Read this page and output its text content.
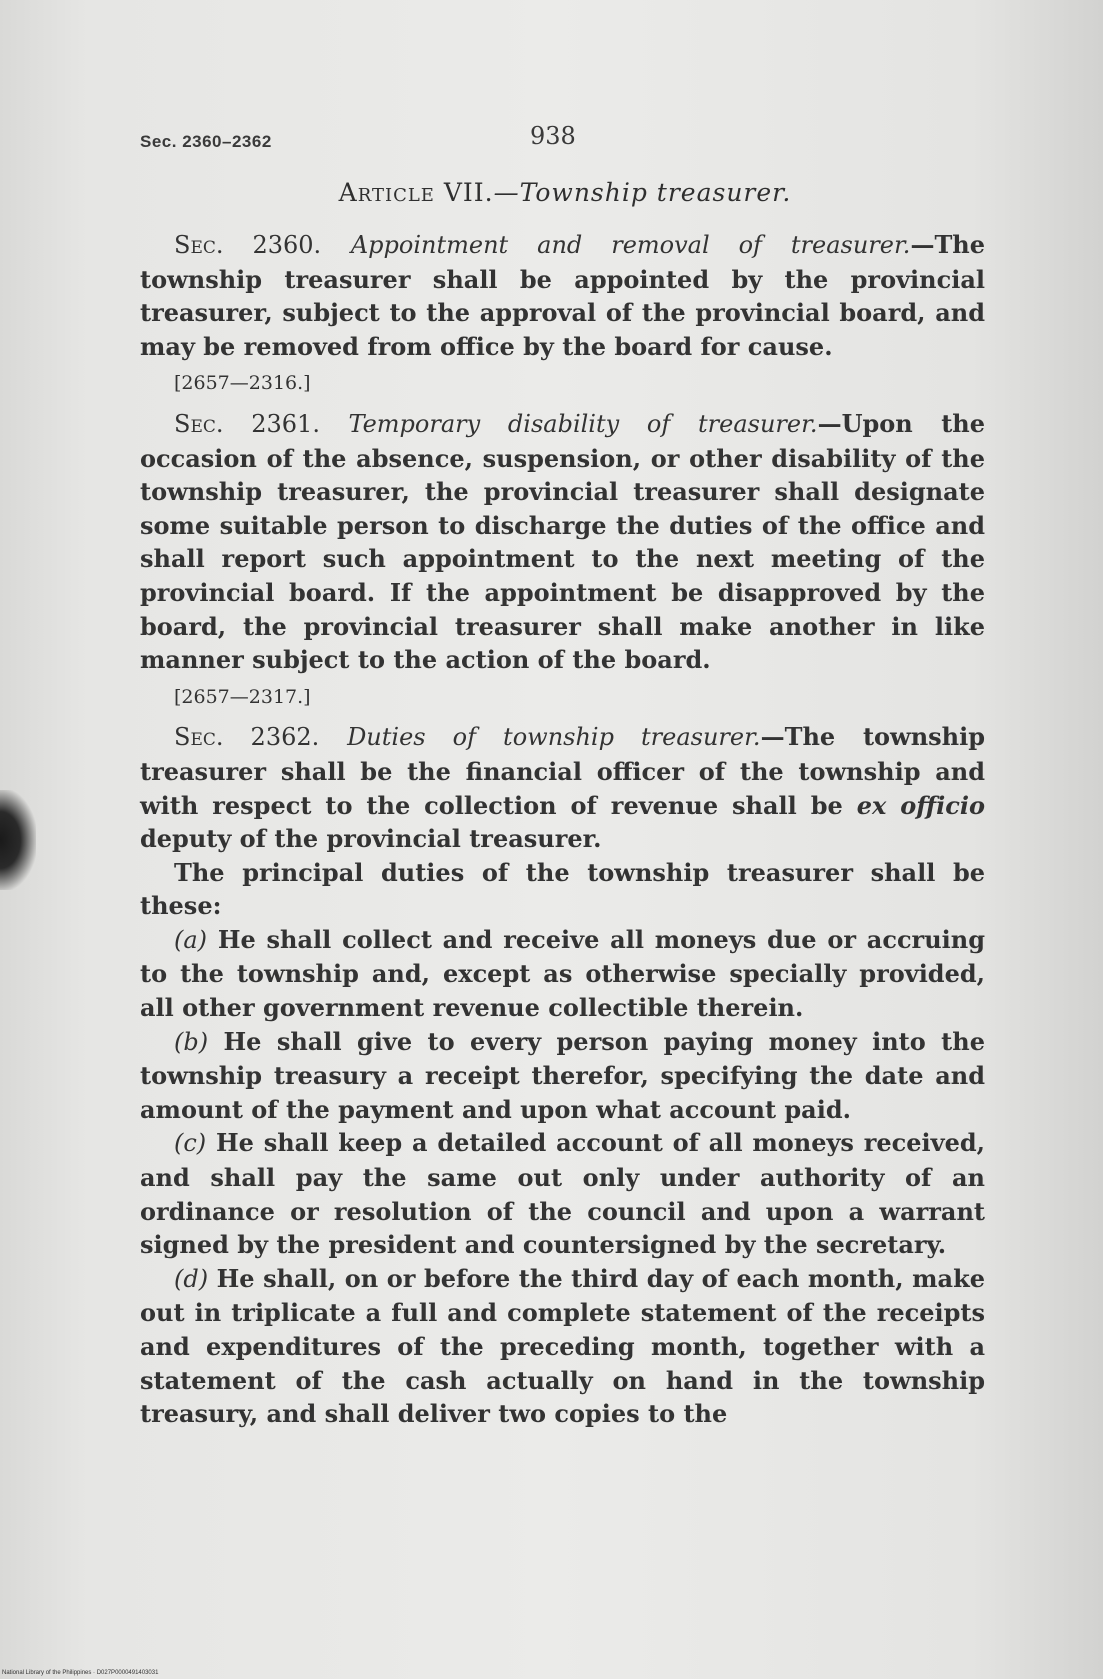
Sec. 2360–2362	938
Article VII.—Township treasurer.

Sec. 2360. Appointment and removal of treasurer.—The township treasurer shall be appointed by the provincial treasurer, subject to the approval of the provincial board, and may be removed from office by the board for cause.

[2657—2316.]

Sec. 2361. Temporary disability of treasurer.—Upon the occasion of the absence, suspension, or other disability of the township treasurer, the provincial treasurer shall designate some suitable person to discharge the duties of the office and shall report such appointment to the next meeting of the provincial board. If the appointment be disapproved by the board, the provincial treasurer shall make another in like manner subject to the action of the board.

[2657—2317.]

Sec. 2362. Duties of township treasurer.—The township treasurer shall be the financial officer of the township and with respect to the collection of revenue shall be ex officio deputy of the provincial treasurer.

The principal duties of the township treasurer shall be these:

(a) He shall collect and receive all moneys due or accruing to the township and, except as otherwise specially provided, all other government revenue collectible therein.

(b) He shall give to every person paying money into the township treasury a receipt therefor, specifying the date and amount of the payment and upon what account paid.

(c) He shall keep a detailed account of all moneys received, and shall pay the same out only under authority of an ordinance or resolution of the council and upon a warrant signed by the president and countersigned by the secretary.

(d) He shall, on or before the third day of each month, make out in triplicate a full and complete statement of the receipts and expenditures of the preceding month, together with a statement of the cash actually on hand in the township treasury, and shall deliver two copies to the

National Library of the Philippines · D027P0000491403031
